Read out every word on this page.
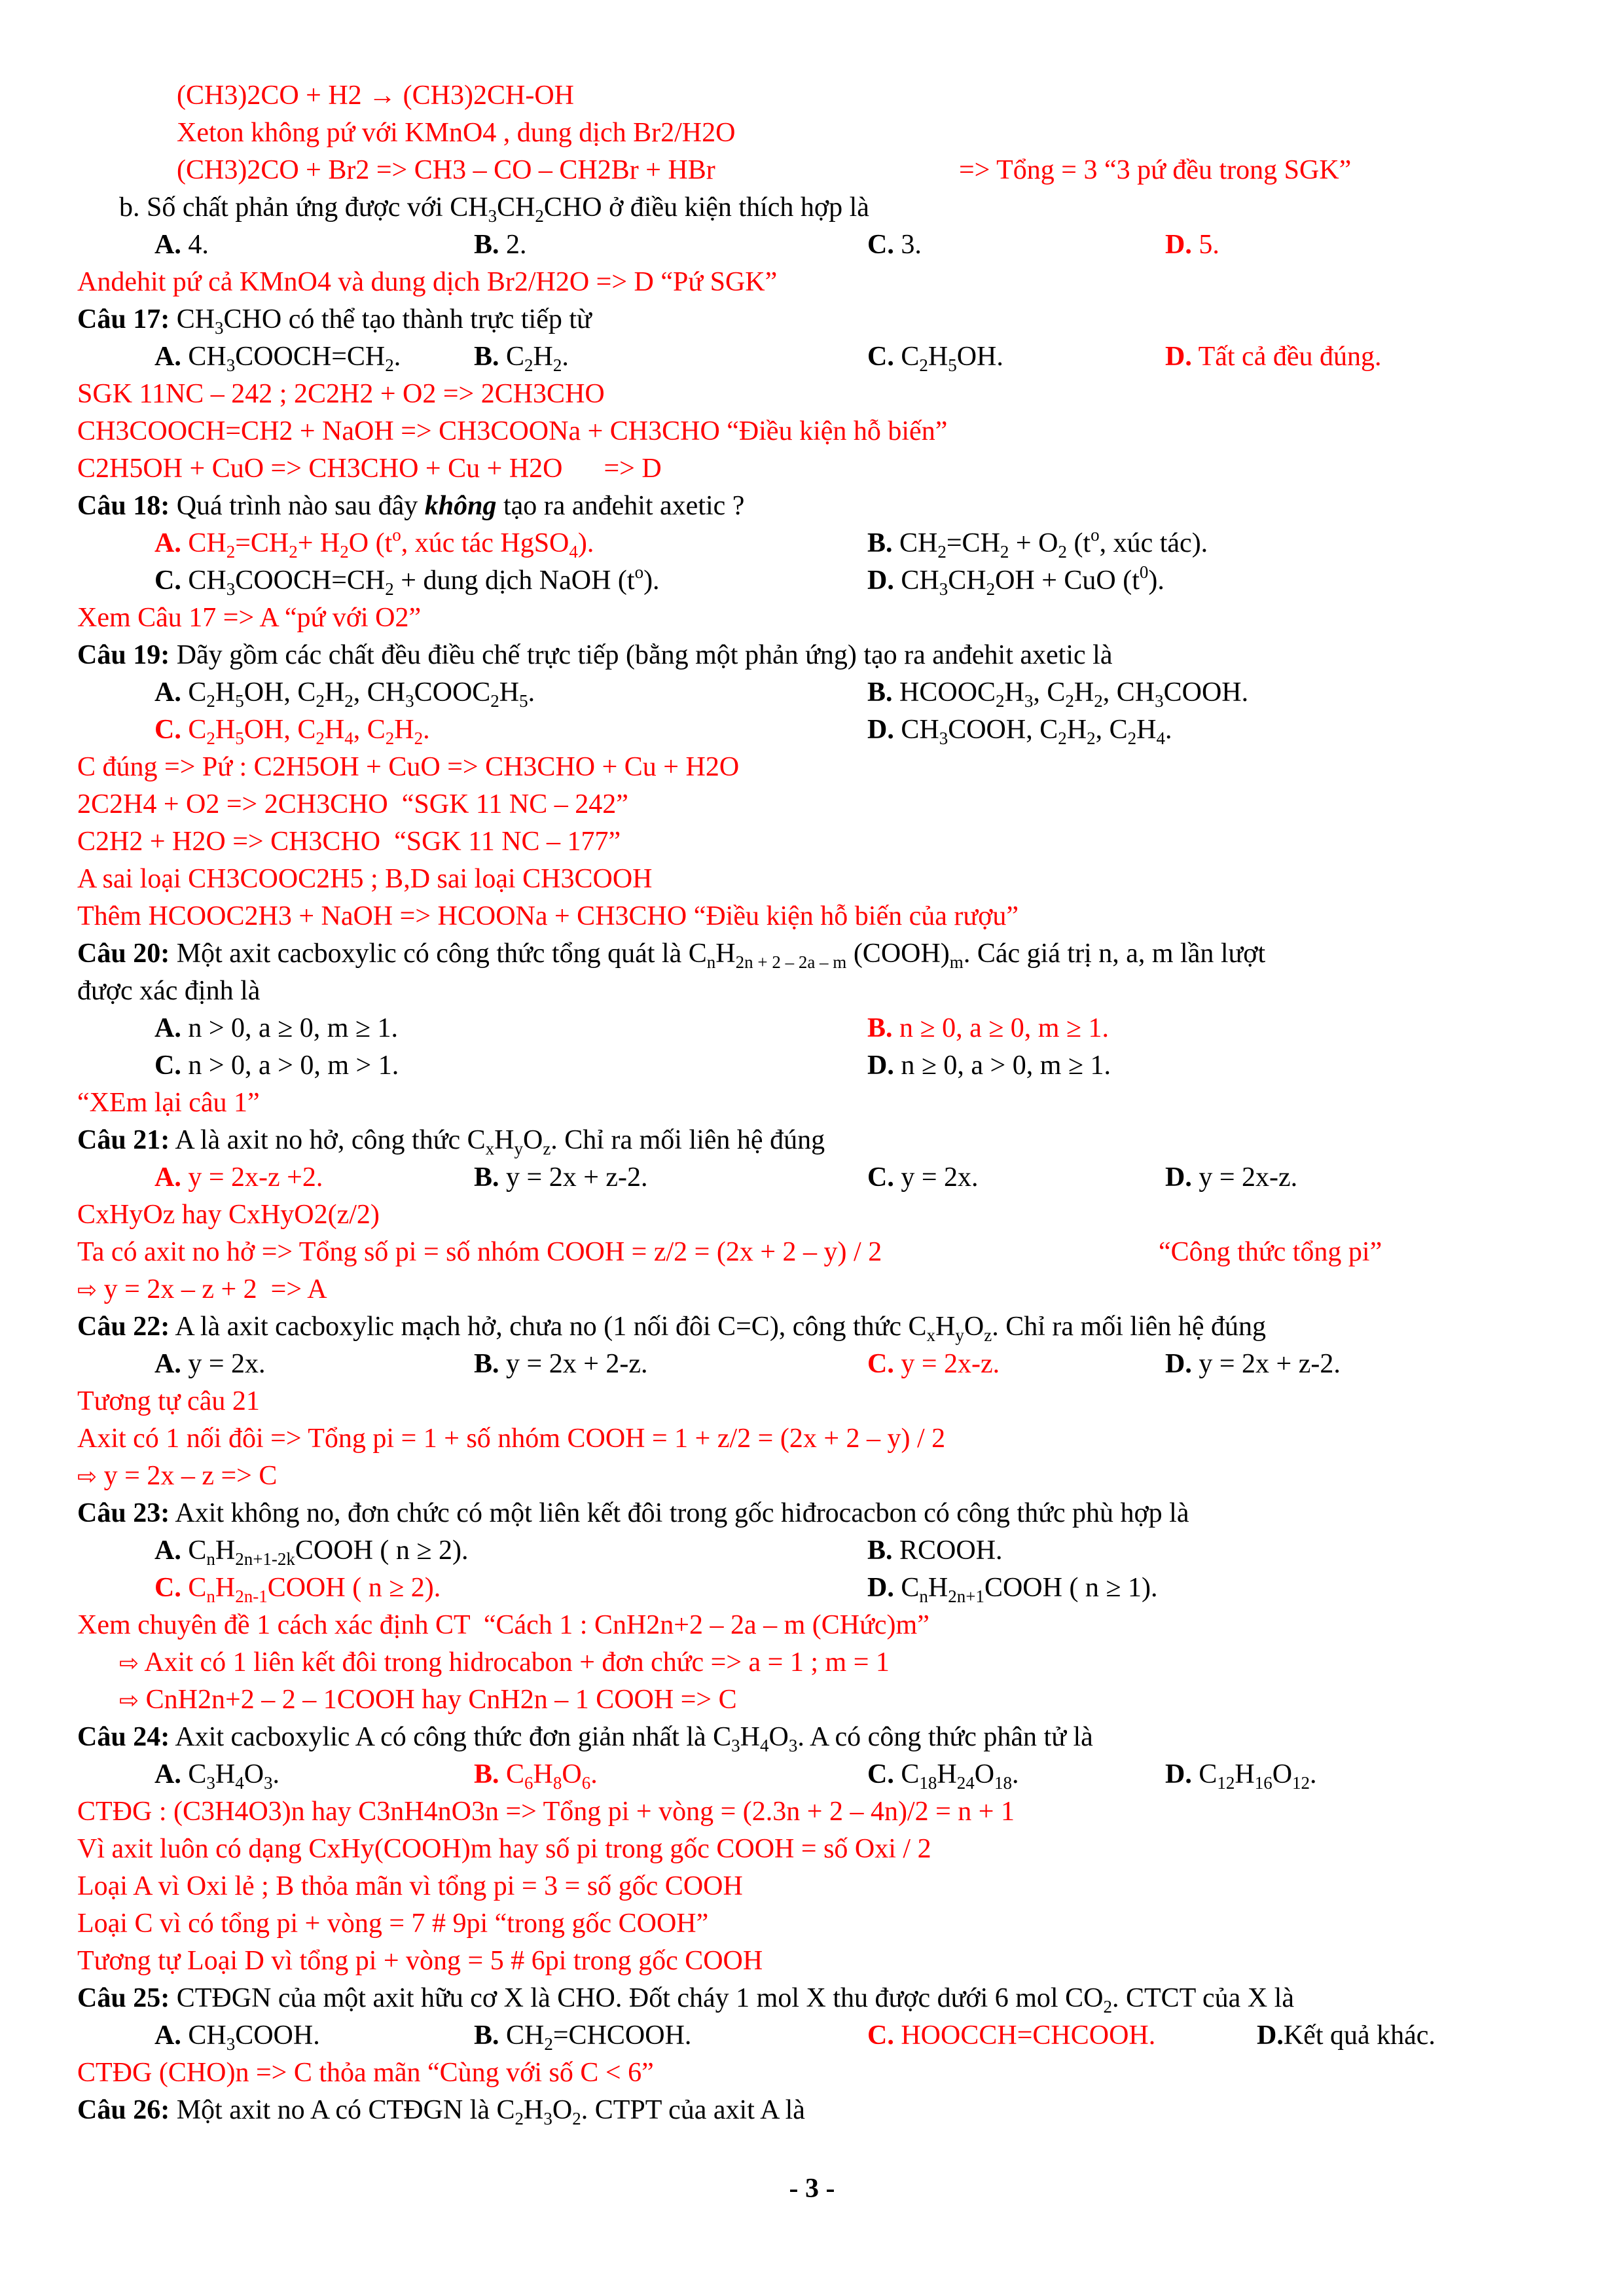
(CH3)2CO + H2 → (CH3)2CH-OH
Xeton không pứ với KMnO4 , dung dịch Br2/H2O
(CH3)2CO + Br2 => CH3 – CO – CH2Br + HBr	=> Tổng = 3 “3 pứ đều trong SGK”
b. Số chất phản ứng được với $CH_3CH_2CHO$ ở điều kiện thích hợp là
A. 4.	B. 2.	C. 3.	D. 5.
Andehit pứ cả KMnO4 và dung dịch Br2/H2O => D “Pứ SGK”
Câu 17: $CH_3CHO$ có thể tạo thành trực tiếp từ
A. $CH_3COOCH=CH_2$.	B. $C_2H_2$.	C. $C_2H_5OH$.	D. Tất cả đều đúng.
SGK 11NC – 242 ; 2C2H2 + O2 => 2CH3CHO
CH3COOCH=CH2 + NaOH => CH3COONa + CH3CHO “Điều kiện hỗ biến”
C2H5OH + CuO => CH3CHO + Cu + H2O      => D
Câu 18: Quá trình nào sau đây không tạo ra anđehit axetic ?
A. $CH_2=CH_2+ H_2O$ ($t^o$, xúc tác HgSO$_4$).	B. $CH_2=CH_2 + O_2$ ($t^o$, xúc tác).
C. $CH_3COOCH=CH_2$ + dung dịch NaOH $(t^o)$.	D. $CH_3CH_2OH$ + CuO $(t^0)$.
Xem Câu 17 => A “pứ với O2”
Câu 19: Dãy gồm các chất đều điều chế trực tiếp (bằng một phản ứng) tạo ra anđehit axetic là
A. $C_2H_5OH$, $C_2H_2$, $CH_3COOC_2H_5$.	B. $HCOOC_2H_3$, $C_2H_2$, $CH_3COOH$.
C. $C_2H_5OH$, $C_2H_4$, $C_2H_2$.	D. $CH_3COOH$, $C_2H_2$, $C_2H_4$.
C đúng => Pứ : C2H5OH + CuO => CH3CHO + Cu + H2O
2C2H4 + O2 => 2CH3CHO  “SGK 11 NC – 242”
C2H2 + H2O => CH3CHO  “SGK 11 NC – 177”
A sai loại CH3COOC2H5 ; B,D sai loại CH3COOH
Thêm HCOOC2H3 + NaOH => HCOONa + CH3CHO “Điều kiện hỗ biến của rượu”
Câu 20: Một axit cacboxylic có công thức tổng quát là $C_nH_{2n + 2 - 2a - m}$ $(COOH)_m$. Các giá trị n, a, m lần lượt
được xác định là
A. n > 0, a ≥ 0, m ≥ 1.	B. n ≥ 0, a ≥ 0, m ≥ 1.
C. n > 0, a > 0, m > 1.	D. n ≥ 0, a > 0, m ≥ 1.
“XEm lại câu 1”
Câu 21: A là axit no hở, công thức $C_xH_yO_z$. Chỉ ra mối liên hệ đúng
A. y = 2x-z +2.	B. y = 2x + z-2.	C. y = 2x.	D. y = 2x-z.
CxHyOz hay CxHyO2(z/2)
Ta có axit no hở => Tổng số pi = số nhóm COOH = z/2 = (2x + 2 – y) / 2	“Công thức tổng pi”
⇨ y = 2x – z + 2  => A
Câu 22: A là axit cacboxylic mạch hở, chưa no (1 nối đôi C=C), công thức $C_xH_yO_z$. Chỉ ra mối liên hệ đúng
A. y = 2x.	B. y = 2x + 2-z.	C. y = 2x-z.	D. y = 2x + z-2.
Tương tự câu 21
Axit có 1 nối đôi => Tổng pi = 1 + số nhóm COOH = 1 + z/2 = (2x + 2 – y) / 2
⇨ y = 2x – z => C
Câu 23: Axit không no, đơn chức có một liên kết đôi trong gốc hiđrocacbon có công thức phù hợp là
A. $C_nH_{2n+1-2k}COOH$ ( n ≥ 2).	B. RCOOH.
C. $C_nH_{2n-1}COOH$ ( n ≥ 2).	D. $C_nH_{2n+1}COOH$ ( n ≥ 1).
Xem chuyên đề 1 cách xác định CT  “Cách 1 : CnH2n+2 – 2a – m (CHức)m”
⇨ Axit có 1 liên kết đôi trong hidrocabon + đơn chức => a = 1 ; m = 1
⇨ CnH2n+2 – 2 – 1COOH hay CnH2n – 1 COOH => C
Câu 24: Axit cacboxylic A có công thức đơn giản nhất là $C_3H_4O_3$. A có công thức phân tử là
A. $C_3H_4O_3$.	B. $C_6H_8O_6$.	C. $C_{18}H_{24}O_{18}$.	D. $C_{12}H_{16}O_{12}$.
CTĐG : (C3H4O3)n hay C3nH4nO3n => Tổng pi + vòng = (2.3n + 2 – 4n)/2 = n + 1
Vì axit luôn có dạng CxHy(COOH)m hay số pi trong gốc COOH = số Oxi / 2
Loại A vì Oxi lẻ ; B thỏa mãn vì tổng pi = 3 = số gốc COOH
Loại C vì có tổng pi + vòng = 7 # 9pi “trong gốc COOH”
Tương tự Loại D vì tổng pi + vòng = 5 # 6pi trong gốc COOH
Câu 25: CTĐGN của một axit hữu cơ X là CHO. Đốt cháy 1 mol X thu được dưới 6 mol $CO_2$. CTCT của X là
A. $CH_3COOH$.	B. $CH_2=CHCOOH$.	C. HOOCCH=CHCOOH.	D.Kết quả khác.
CTĐG (CHO)n => C thỏa mãn “Cùng với số C < 6”
Câu 26: Một axit no A có CTĐGN là $C_2H_3O_2$. CTPT của axit A là
- 3 -
